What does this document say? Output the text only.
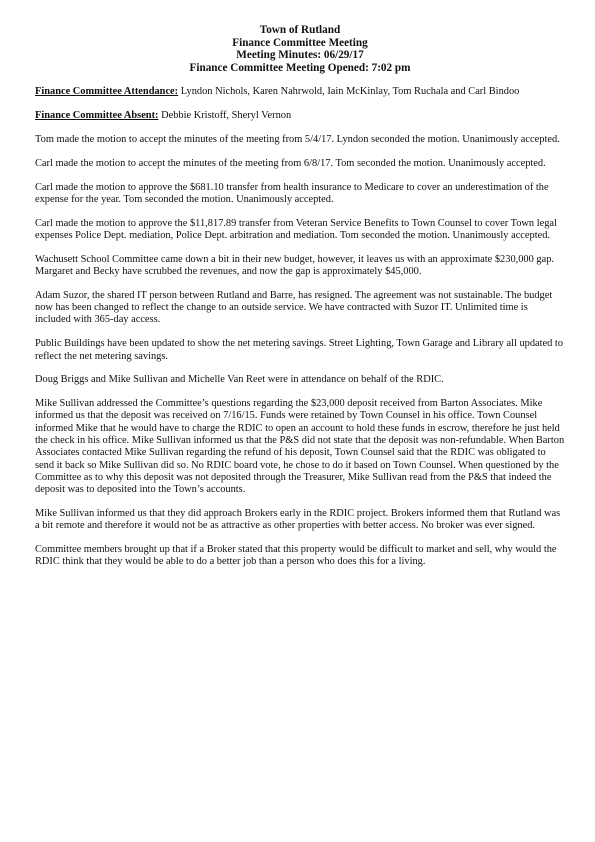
Town of Rutland
Finance Committee Meeting
Meeting Minutes: 06/29/17
Finance Committee Meeting Opened: 7:02 pm

Finance Committee Attendance: Lyndon Nichols, Karen Nahrwold, Iain McKinlay, Tom Ruchala and Carl Bindoo

Finance Committee Absent: Debbie Kristoff, Sheryl Vernon

Tom made the motion to accept the minutes of the meeting from 5/4/17. Lyndon seconded the motion. Unanimously accepted.

Carl made the motion to accept the minutes of the meeting from 6/8/17. Tom seconded the motion. Unanimously accepted.

Carl made the motion to approve the $681.10 transfer from health insurance to Medicare to cover an underestimation of the expense for the year. Tom seconded the motion. Unanimously accepted.

Carl made the motion to approve the $11,817.89 transfer from Veteran Service Benefits to Town Counsel to cover Town legal expenses Police Dept. mediation, Police Dept. arbitration and mediation. Tom seconded the motion. Unanimously accepted.

Wachusett School Committee came down a bit in their new budget, however, it leaves us with an approximate $230,000 gap. Margaret and Becky have scrubbed the revenues, and now the gap is approximately $45,000.

Adam Suzor, the shared IT person between Rutland and Barre, has resigned. The agreement was not sustainable. The budget now has been changed to reflect the change to an outside service. We have contracted with Suzor IT. Unlimited time is included with 365-day access.

Public Buildings have been updated to show the net metering savings. Street Lighting, Town Garage and Library all updated to reflect the net metering savings.

Doug Briggs and Mike Sullivan and Michelle Van Reet were in attendance on behalf of the RDIC.

Mike Sullivan addressed the Committee’s questions regarding the $23,000 deposit received from Barton Associates. Mike informed us that the deposit was received on 7/16/15. Funds were retained by Town Counsel in his office. Town Counsel informed Mike that he would have to charge the RDIC to open an account to hold these funds in escrow, therefore he just held the check in his office. Mike Sullivan informed us that the P&S did not state that the deposit was non-refundable. When Barton Associates contacted Mike Sullivan regarding the refund of his deposit, Town Counsel said that the RDIC was obligated to send it back so Mike Sullivan did so. No RDIC board vote, he chose to do it based on Town Counsel. When questioned by the Committee as to why this deposit was not deposited through the Treasurer, Mike Sullivan read from the P&S that indeed the deposit was to deposited into the Town’s accounts.

Mike Sullivan informed us that they did approach Brokers early in the RDIC project. Brokers informed them that Rutland was a bit remote and therefore it would not be as attractive as other properties with better access. No broker was ever signed.

Committee members brought up that if a Broker stated that this property would be difficult to market and sell, why would the RDIC think that they would be able to do a better job than a person who does this for a living.
